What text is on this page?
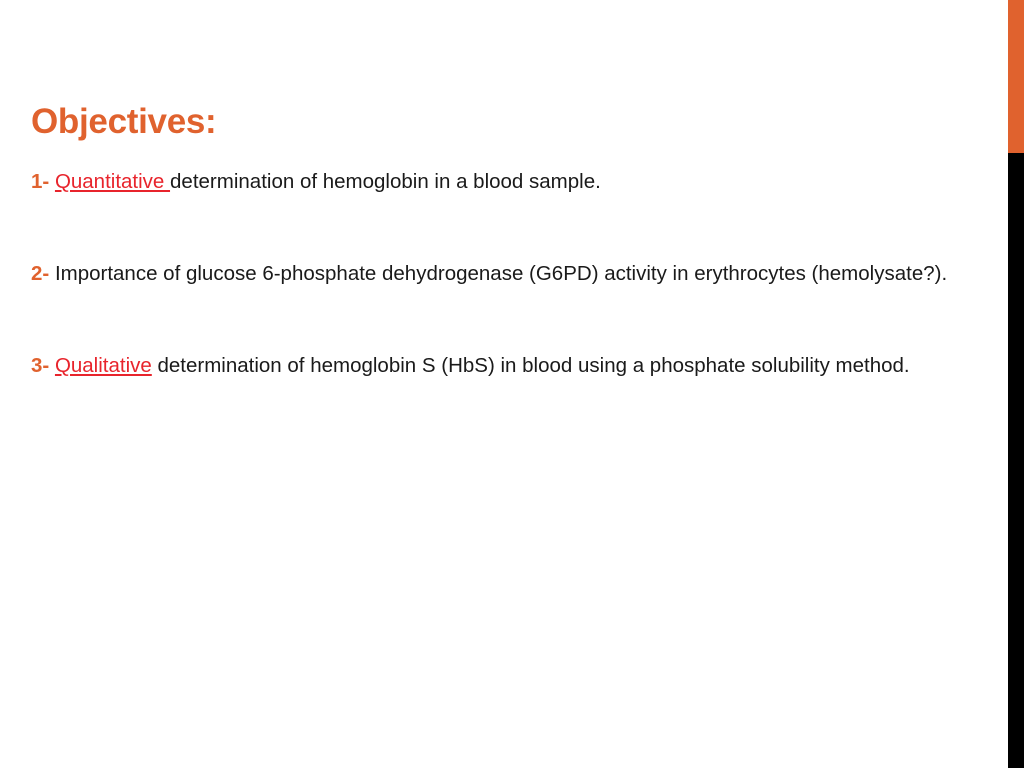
Objectives:

1- Quantitative determination of hemoglobin in a blood sample.

2- Importance of glucose 6-phosphate dehydrogenase (G6PD) activity in erythrocytes (hemolysate?).

3- Qualitative determination of hemoglobin S (HbS) in blood using a phosphate solubility method.
